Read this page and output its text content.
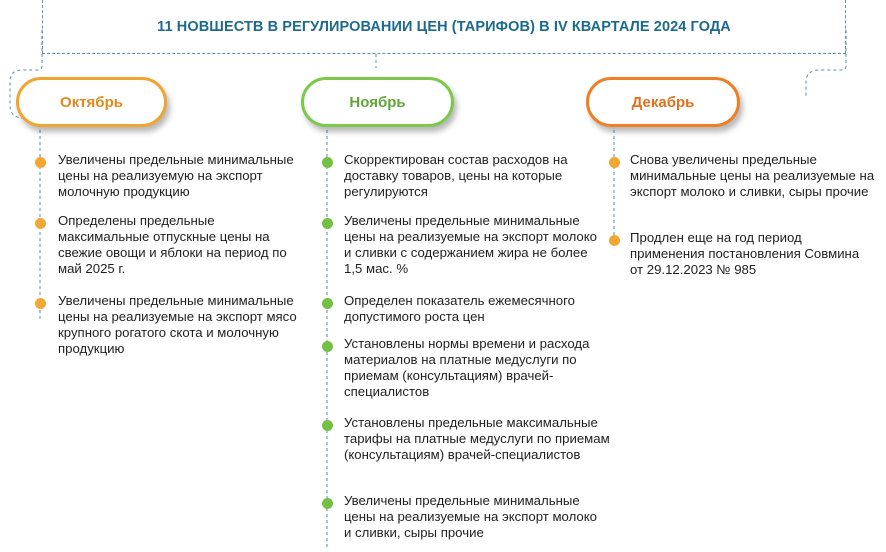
11 НОВШЕСТВ В РЕГУЛИРОВАНИИ ЦЕН (ТАРИФОВ) В IV КВАРТАЛЕ 2024 ГОДА
Октябрь	Ноябрь	Декабрь
Увеличены предельные минимальные цены на реализуемую на экспорт молочную продукцию
Определены предельные максимальные отпускные цены на свежие овощи и яблоки на период по май 2025 г.
Увеличены предельные минимальные цены на реализуемые на экспорт мясо крупного рогатого скота и молочную продукцию
Скорректирован состав расходов на доставку товаров, цены на которые регулируются
Увеличены предельные минимальные цены на реализуемые на экспорт молоко и сливки с содержанием жира не более 1,5 мас. %
Определен показатель ежемесячного допустимого роста цен
Установлены нормы времени и расхода материалов на платные медуслуги по приемам (консультациям) врачей-специалистов
Установлены предельные максимальные тарифы на платные медуслуги по приемам (консультациям) врачей-специалистов
Увеличены предельные минимальные цены на реализуемые на экспорт молоко и сливки, сыры прочие
Снова увеличены предельные минимальные цены на реализуемые на экспорт молоко и сливки, сыры прочие
Продлен еще на год период применения постановления Совмина от 29.12.2023 № 985
